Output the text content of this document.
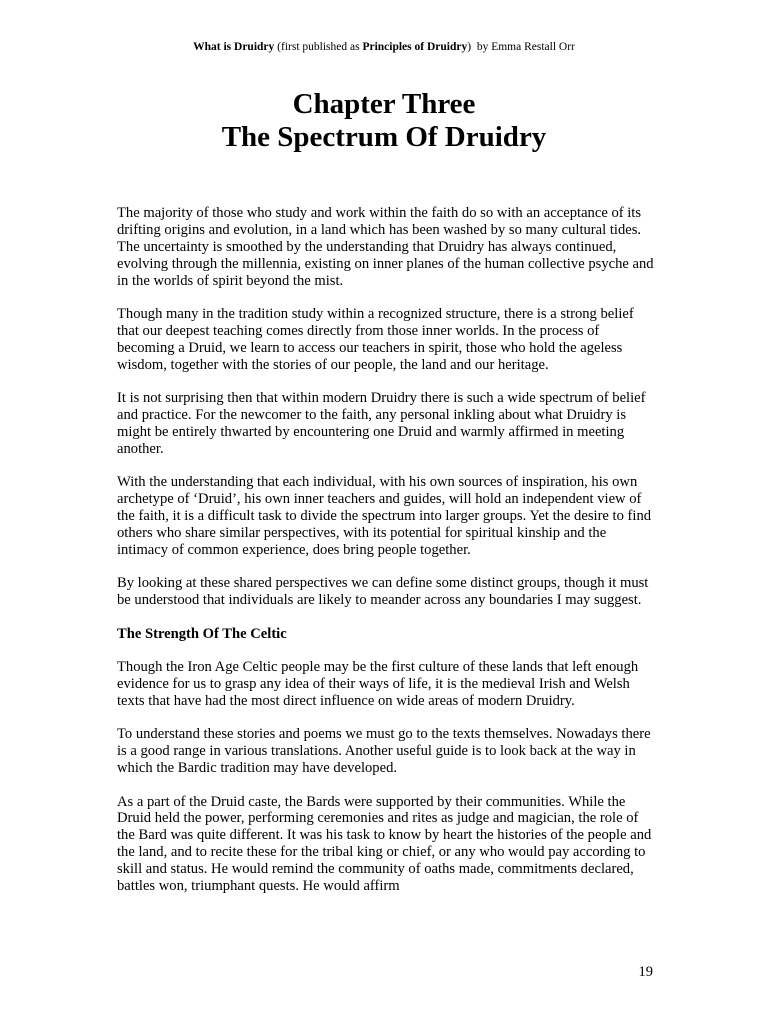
What is Druidry (first published as Principles of Druidry)  by Emma Restall Orr
Chapter Three
The Spectrum Of Druidry

The majority of those who study and work within the faith do so with an acceptance of its drifting origins and evolution, in a land which has been washed by so many cultural tides. The uncertainty is smoothed by the understanding that Druidry has always continued, evolving through the millennia, existing on inner planes of the human collective psyche and in the worlds of spirit beyond the mist.

Though many in the tradition study within a recognized structure, there is a strong belief that our deepest teaching comes directly from those inner worlds. In the process of becoming a Druid, we learn to access our teachers in spirit, those who hold the ageless wisdom, together with the stories of our people, the land and our heritage.

It is not surprising then that within modern Druidry there is such a wide spectrum of belief and practice. For the newcomer to the faith, any personal inkling about what Druidry is might be entirely thwarted by encountering one Druid and warmly affirmed in meeting another.

With the understanding that each individual, with his own sources of inspiration, his own archetype of ‘Druid’, his own inner teachers and guides, will hold an independent view of the faith, it is a difficult task to divide the spectrum into larger groups. Yet the desire to find others who share similar perspectives, with its potential for spiritual kinship and the intimacy of common experience, does bring people together.

By looking at these shared perspectives we can define some distinct groups, though it must be understood that individuals are likely to meander across any boundaries I may suggest.

The Strength Of The Celtic

Though the Iron Age Celtic people may be the first culture of these lands that left enough evidence for us to grasp any idea of their ways of life, it is the medieval Irish and Welsh texts that have had the most direct influence on wide areas of modern Druidry.

To understand these stories and poems we must go to the texts themselves. Nowadays there is a good range in various translations. Another useful guide is to look back at the way in which the Bardic tradition may have developed.

As a part of the Druid caste, the Bards were supported by their communities. While the Druid held the power, performing ceremonies and rites as judge and magician, the role of the Bard was quite different. It was his task to know by heart the histories of the people and the land, and to recite these for the tribal king or chief, or any who would pay according to skill and status. He would remind the community of oaths made, commitments declared, battles won, triumphant quests. He would affirm

19
